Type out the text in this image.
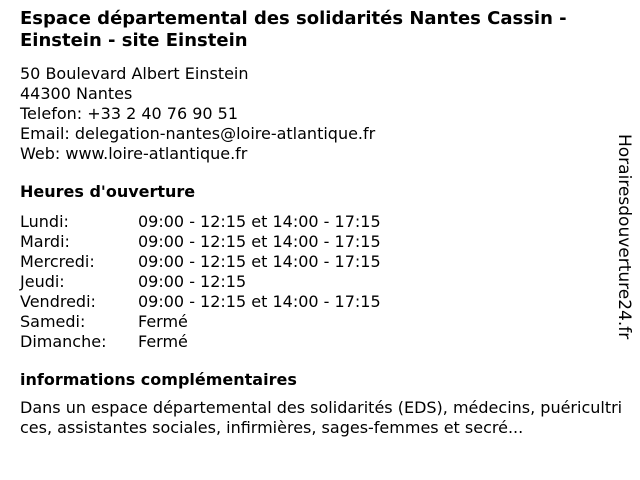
Espace départemental des solidarités Nantes Cassin -Einstein - site Einstein
50 Boulevard Albert Einstein
44300 Nantes
Telefon: +33 2 40 76 90 51
Email: delegation-nantes@loire-atlantique.fr
Web: www.loire-atlantique.fr
Heures d'ouverture
Lundi:	09:00 - 12:15 et 14:00 - 17:15
Mardi:	09:00 - 12:15 et 14:00 - 17:15
Mercredi:	09:00 - 12:15 et 14:00 - 17:15
Jeudi:	09:00 - 12:15
Vendredi:	09:00 - 12:15 et 14:00 - 17:15
Samedi:	Fermé
Dimanche:	Fermé
informations complémentaires
Dans un espace départemental des solidarités (EDS), médecins, puéricultrices, assistantes sociales, infirmières, sages-femmes et secré...
Horairesdouverture24.fr
